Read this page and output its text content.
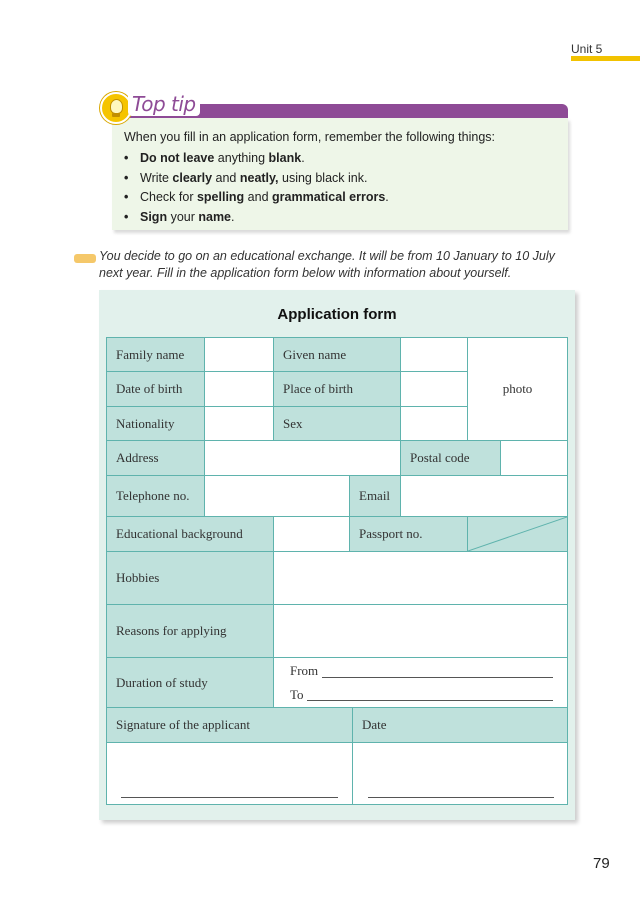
Unit 5
Top tip
When you fill in an application form, remember the following things:
• Do not leave anything blank.
• Write clearly and neatly, using black ink.
• Check for spelling and grammatical errors.
• Sign your name.
You decide to go on an educational exchange. It will be from 10 January to 10 July next year. Fill in the application form below with information about yourself.
Application form
Family name	Given name
photo
Date of birth	Place of birth
Nationality	Sex
Address	Postal code
Telephone no.	Email
Educational background	Passport no.
Hobbies
Reasons for applying
Duration of study
From
To
Signature of the applicant	Date
79
